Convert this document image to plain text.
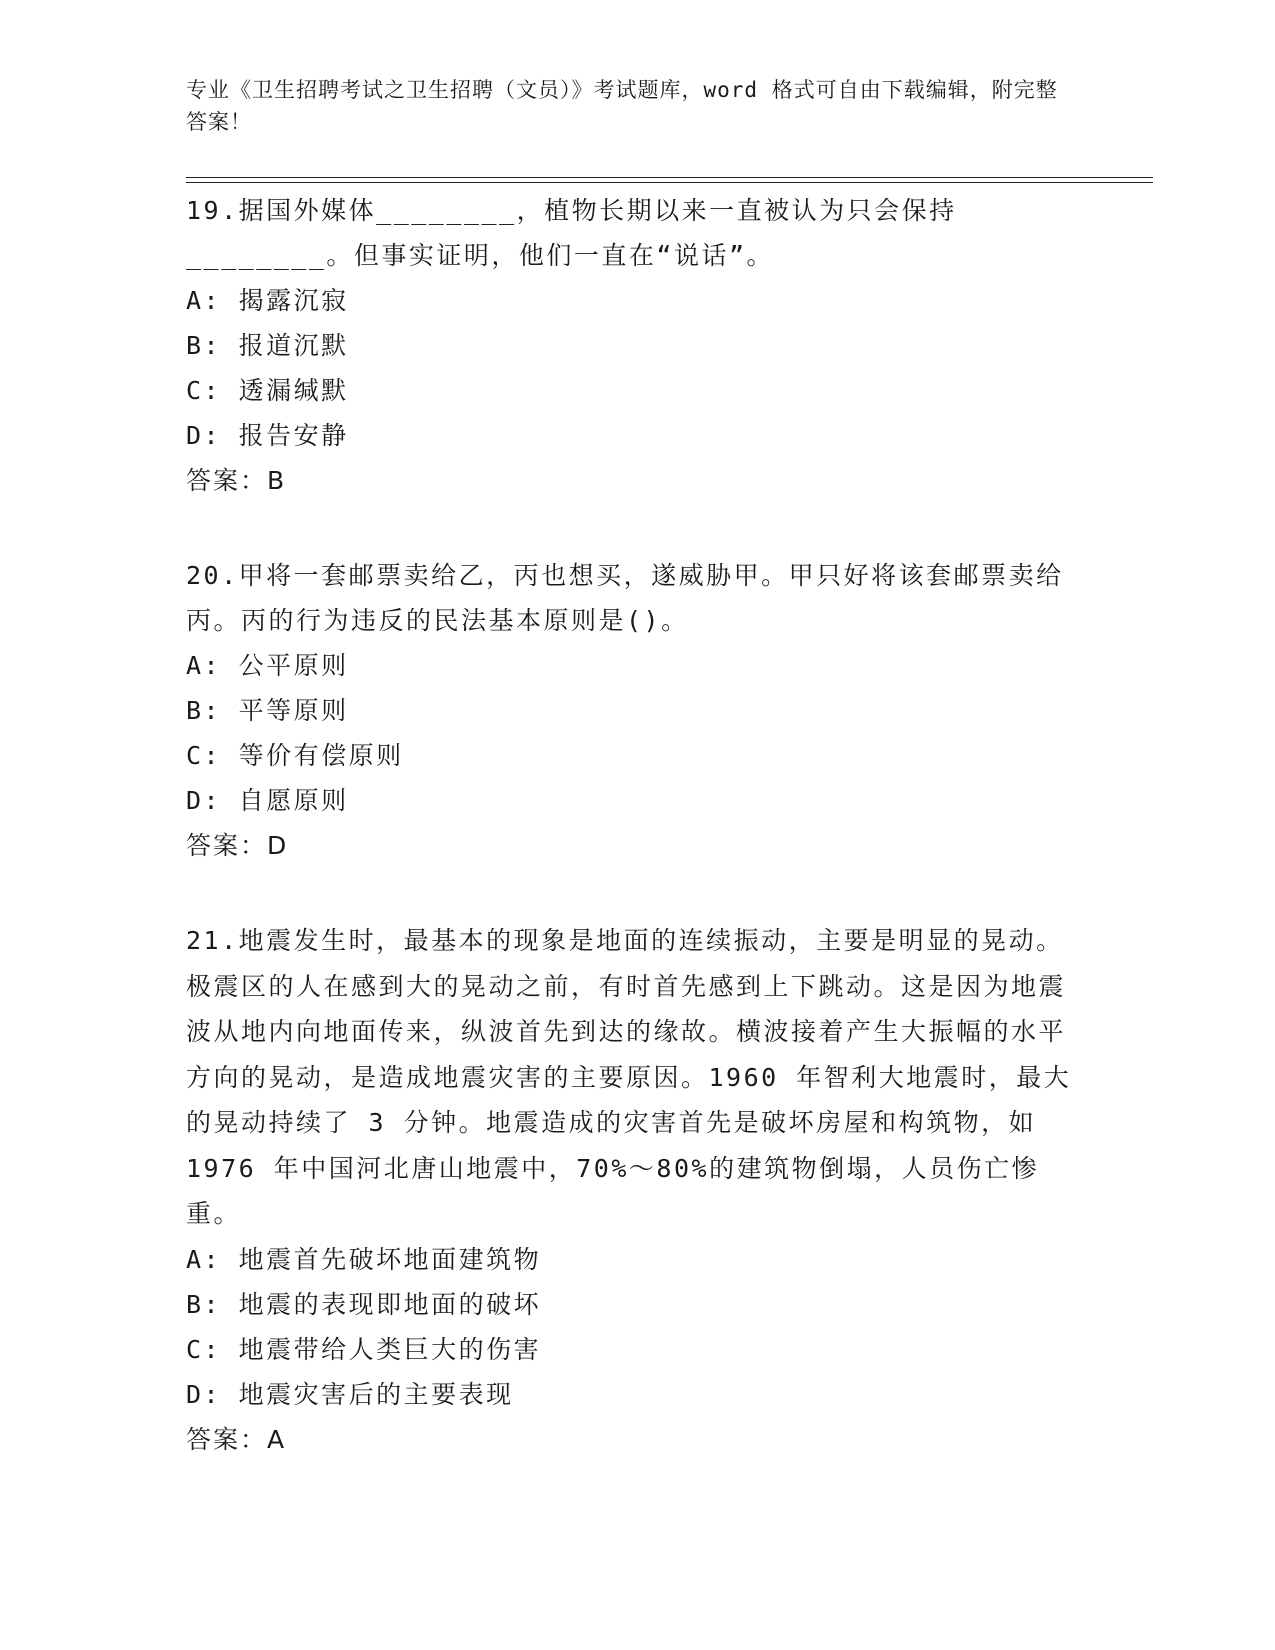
专业《卫生招聘考试之卫生招聘（文员）》考试题库，word 格式可自由下载编辑，附完整答案！

19.据国外媒体________，植物长期以来一直被认为只会保持________。但事实证明，他们一直在“说话”。

A: 揭露沉寂

B: 报道沉默

C: 透漏缄默

D: 报告安静

答案：B

20.甲将一套邮票卖给乙，丙也想买，遂威胁甲。甲只好将该套邮票卖给丙。丙的行为违反的民法基本原则是()。

A: 公平原则

B: 平等原则

C: 等价有偿原则

D: 自愿原则

答案：D

21.地震发生时，最基本的现象是地面的连续振动，主要是明显的晃动。极震区的人在感到大的晃动之前，有时首先感到上下跳动。这是因为地震波从地内向地面传来，纵波首先到达的缘故。横波接着产生大振幅的水平方向的晃动，是造成地震灾害的主要原因。1960 年智利大地震时，最大的晃动持续了 3 分钟。地震造成的灾害首先是破坏房屋和构筑物，如 1976 年中国河北唐山地震中，70%～80%的建筑物倒塌，人员伤亡惨重。

A: 地震首先破坏地面建筑物

B: 地震的表现即地面的破坏

C: 地震带给人类巨大的伤害

D: 地震灾害后的主要表现

答案：A
